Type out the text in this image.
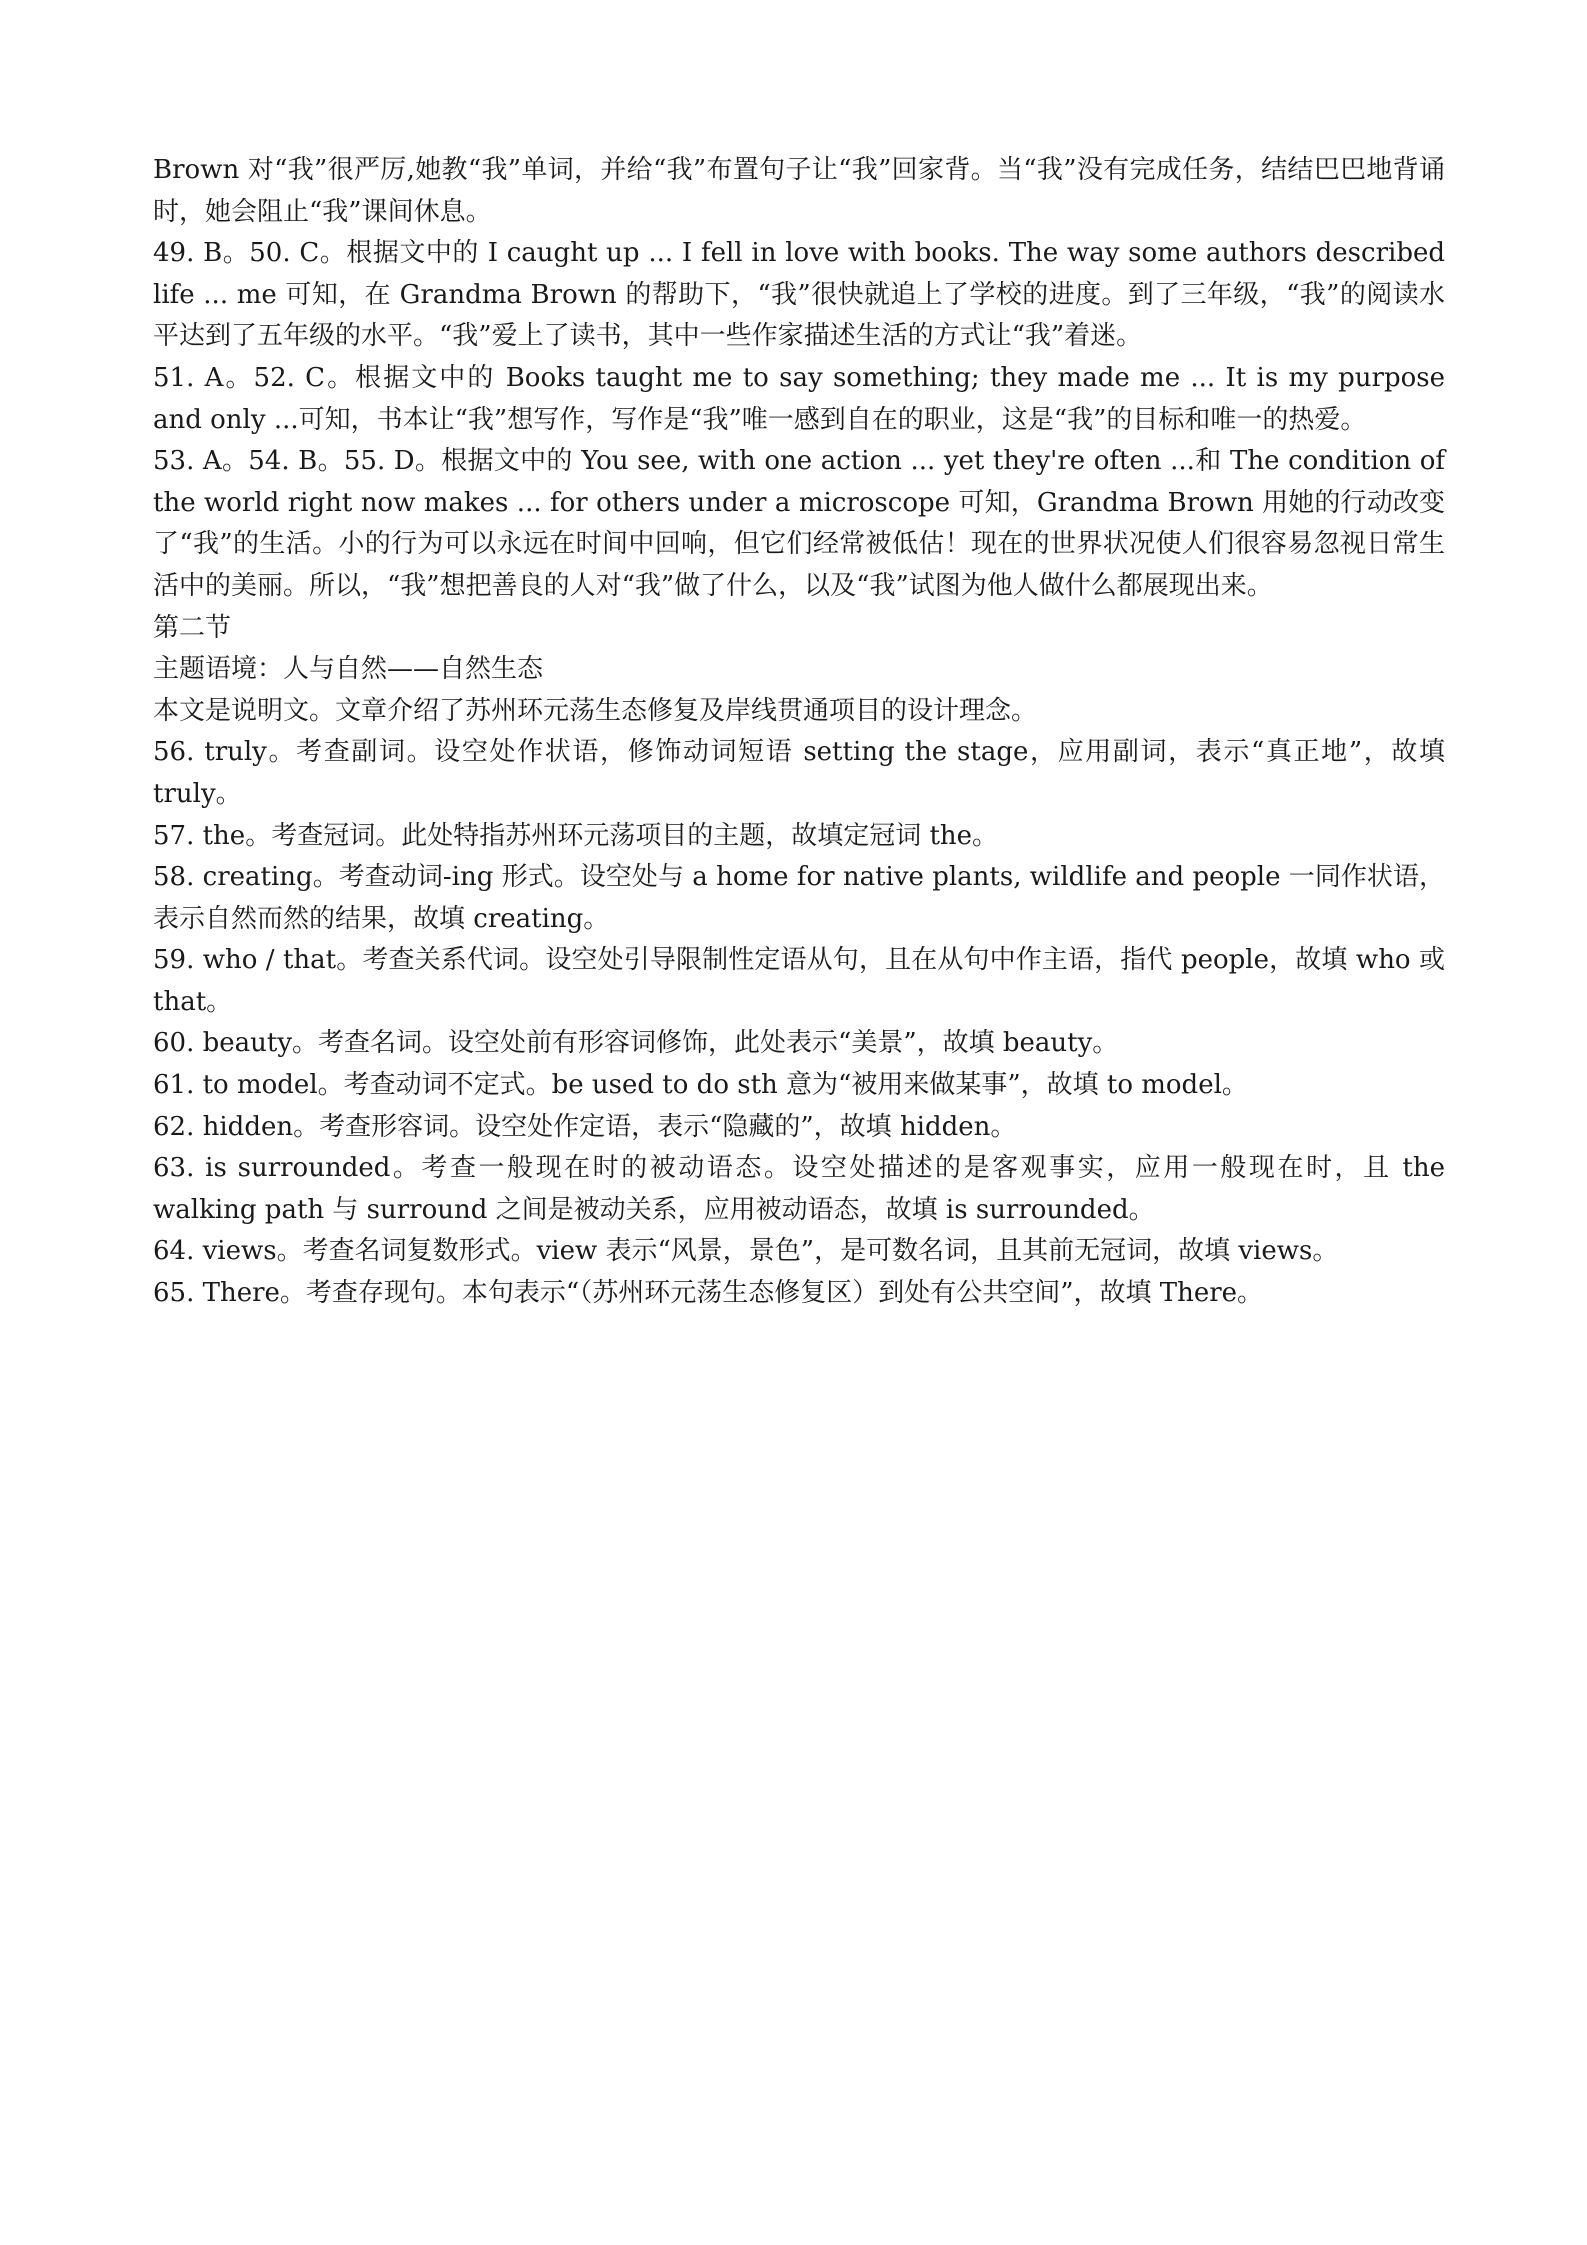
Brown 对“我”很严厉,她教“我”单词，并给“我”布置句子让“我”回家背。当“我”没有完成任务，结结巴巴地背诵时，她会阻止“我”课间休息。

49. B。50. C。根据文中的 I caught up ... I fell in love with books. The way some authors described life ... me 可知，在 Grandma Brown 的帮助下，“我”很快就追上了学校的进度。到了三年级，“我”的阅读水平达到了五年级的水平。“我”爱上了读书，其中一些作家描述生活的方式让“我”着迷。

51. A。52. C。根据文中的 Books taught me to say something; they made me ... It is my purpose and only ...可知，书本让“我”想写作，写作是“我”唯一感到自在的职业，这是“我”的目标和唯一的热爱。

53. A。54. B。55. D。根据文中的 You see, with one action ... yet they're often ...和 The condition of the world right now makes ... for others under a microscope 可知，Grandma Brown 用她的行动改变了“我”的生活。小的行为可以永远在时间中回响，但它们经常被低估！现在的世界状况使人们很容易忽视日常生活中的美丽。所以，“我”想把善良的人对“我”做了什么，以及“我”试图为他人做什么都展现出来。

第二节

主题语境：人与自然——自然生态

本文是说明文。文章介绍了苏州环元荡生态修复及岸线贯通项目的设计理念。

56. truly。考查副词。设空处作状语，修饰动词短语 setting the stage，应用副词，表示“真正地”，故填 truly。

57. the。考查冠词。此处特指苏州环元荡项目的主题，故填定冠词 the。

58. creating。考查动词-ing 形式。设空处与 a home for native plants, wildlife and people 一同作状语，表示自然而然的结果，故填 creating。

59. who / that。考查关系代词。设空处引导限制性定语从句，且在从句中作主语，指代 people，故填 who 或 that。

60. beauty。考查名词。设空处前有形容词修饰，此处表示“美景”，故填 beauty。

61. to model。考查动词不定式。be used to do sth 意为“被用来做某事”，故填 to model。

62. hidden。考查形容词。设空处作定语，表示“隐藏的”，故填 hidden。

63. is surrounded。考查一般现在时的被动语态。设空处描述的是客观事实，应用一般现在时，且 the walking path 与 surround 之间是被动关系，应用被动语态，故填 is surrounded。

64. views。考查名词复数形式。view 表示“风景，景色”，是可数名词，且其前无冠词，故填 views。

65. There。考查存现句。本句表示“（苏州环元荡生态修复区）到处有公共空间”，故填 There。
